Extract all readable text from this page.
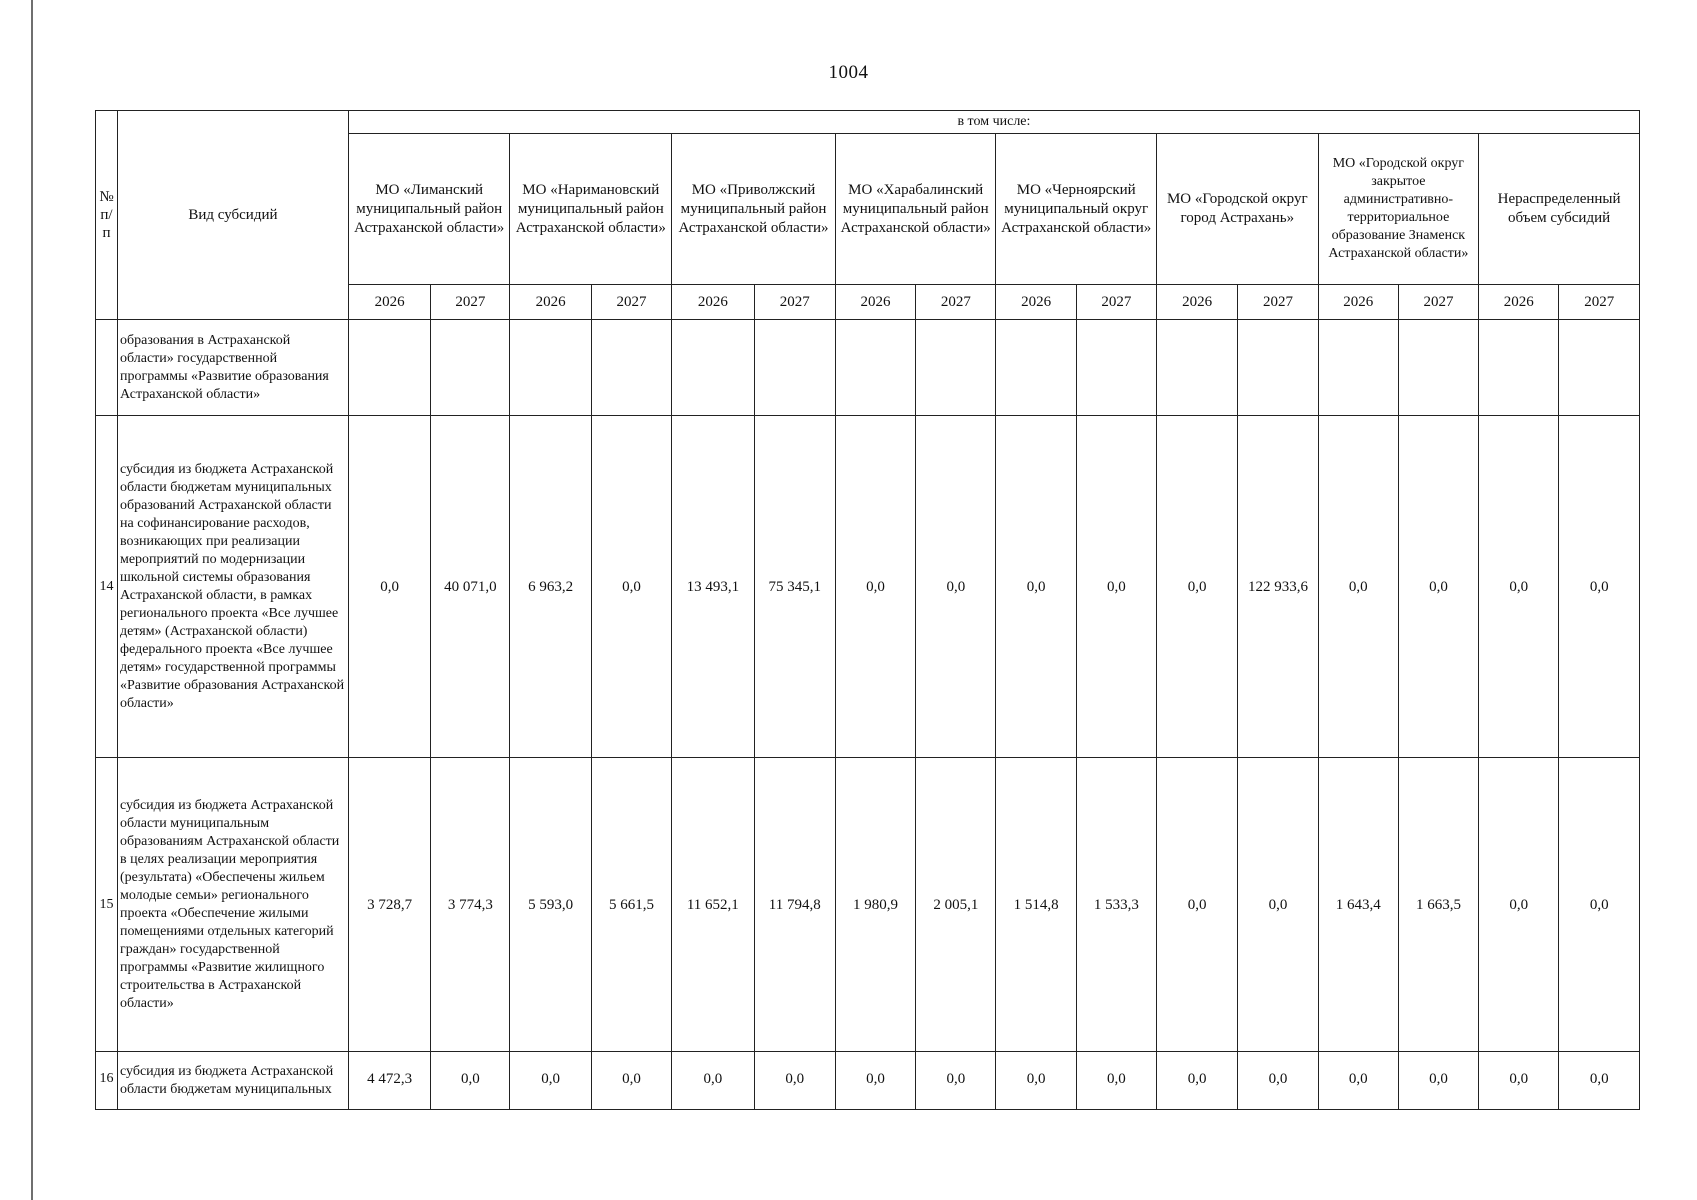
1004
№ п/п	Вид субсидий	в том числе:															
		МО «Лиманский муниципальный район Астраханской области»		МО «Наримановский муниципальный район Астраханской области»		МО «Приволжский муниципальный район Астраханской области»		МО «Харабалинский муниципальный район Астраханской области»		МО «Черноярский муниципальный округ Астраханской области»		МО «Городской округ город Астрахань»		МО «Городской округ закрытое административно-территориальное образование Знаменск Астраханской области»		Нераспределенный объем субсидий	
		2026	2027	2026	2027	2026	2027	2026	2027	2026	2027	2026	2027	2026	2027	2026	2027
	образования в Астраханской области» государственной программы «Развитие образования Астраханской области»																
14	субсидия из бюджета Астраханской области бюджетам муниципальных образований Астраханской области на софинансирование расходов, возникающих при реализации мероприятий по модернизации школьной системы образования Астраханской области, в рамках регионального проекта «Все лучшее детям» (Астраханской области) федерального проекта «Все лучшее детям» государственной программы «Развитие образования Астраханской области»	0,0	40 071,0	6 963,2	0,0	13 493,1	75 345,1	0,0	0,0	0,0	0,0	0,0	122 933,6	0,0	0,0	0,0	0,0
15	субсидия из бюджета Астраханской области муниципальным образованиям Астраханской области в целях реализации мероприятия (результата) «Обеспечены жильем молодые семьи» регионального проекта «Обеспечение жилыми помещениями отдельных категорий граждан» государственной программы «Развитие жилищного строительства в Астраханской области»	3 728,7	3 774,3	5 593,0	5 661,5	11 652,1	11 794,8	1 980,9	2 005,1	1 514,8	1 533,3	0,0	0,0	1 643,4	1 663,5	0,0	0,0
16	субсидия из бюджета Астраханской области бюджетам муниципальных	4 472,3	0,0	0,0	0,0	0,0	0,0	0,0	0,0	0,0	0,0	0,0	0,0	0,0	0,0	0,0	0,0
